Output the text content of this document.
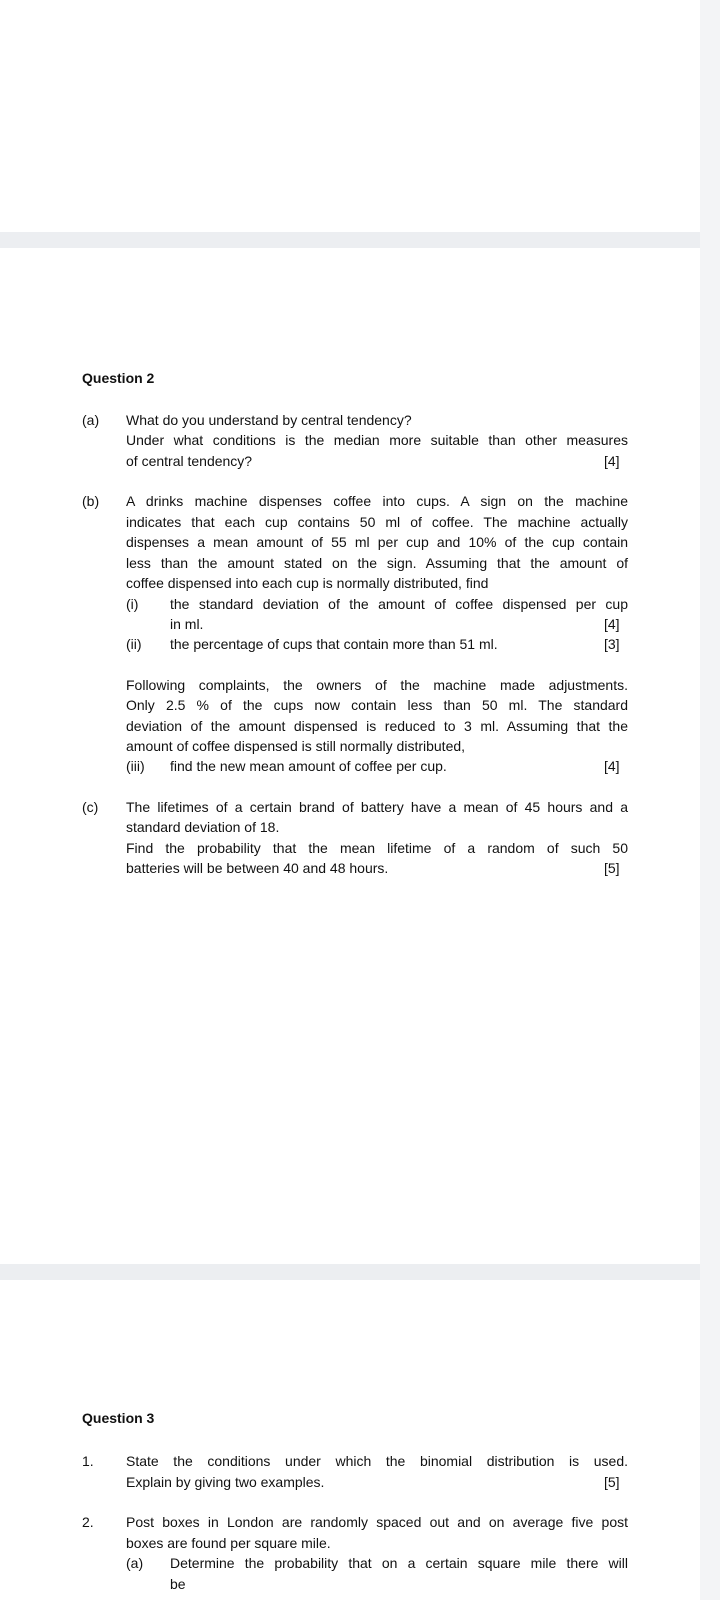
Question 2
(a) What do you understand by central tendency?
Under what conditions is the median more suitable than other measures
of central tendency?	[4]
(b) A drinks machine dispenses coffee into cups. A sign on the machine
indicates that each cup contains 50 ml of coffee. The machine actually
dispenses a mean amount of 55 ml per cup and 10% of the cup contain
less than the amount stated on the sign. Assuming that the amount of
coffee dispensed into each cup is normally distributed, find
(i) the standard deviation of the amount of coffee dispensed per cup
in ml.	[4]
(ii) the percentage of cups that contain more than 51 ml.	[3]
Following complaints, the owners of the machine made adjustments.
Only 2.5 % of the cups now contain less than 50 ml. The standard
deviation of the amount dispensed is reduced to 3 ml. Assuming that the
amount of coffee dispensed is still normally distributed,
(iii) find the new mean amount of coffee per cup.	[4]
(c) The lifetimes of a certain brand of battery have a mean of 45 hours and a
standard deviation of 18.
Find the probability that the mean lifetime of a random of such 50
batteries will be between 40 and 48 hours.	[5]
Question 3
1. State the conditions under which the binomial distribution is used.
Explain by giving two examples.	[5]
2. Post boxes in London are randomly spaced out and on average five post
boxes are found per square mile.
(a) Determine the probability that on a certain square mile there will
be
